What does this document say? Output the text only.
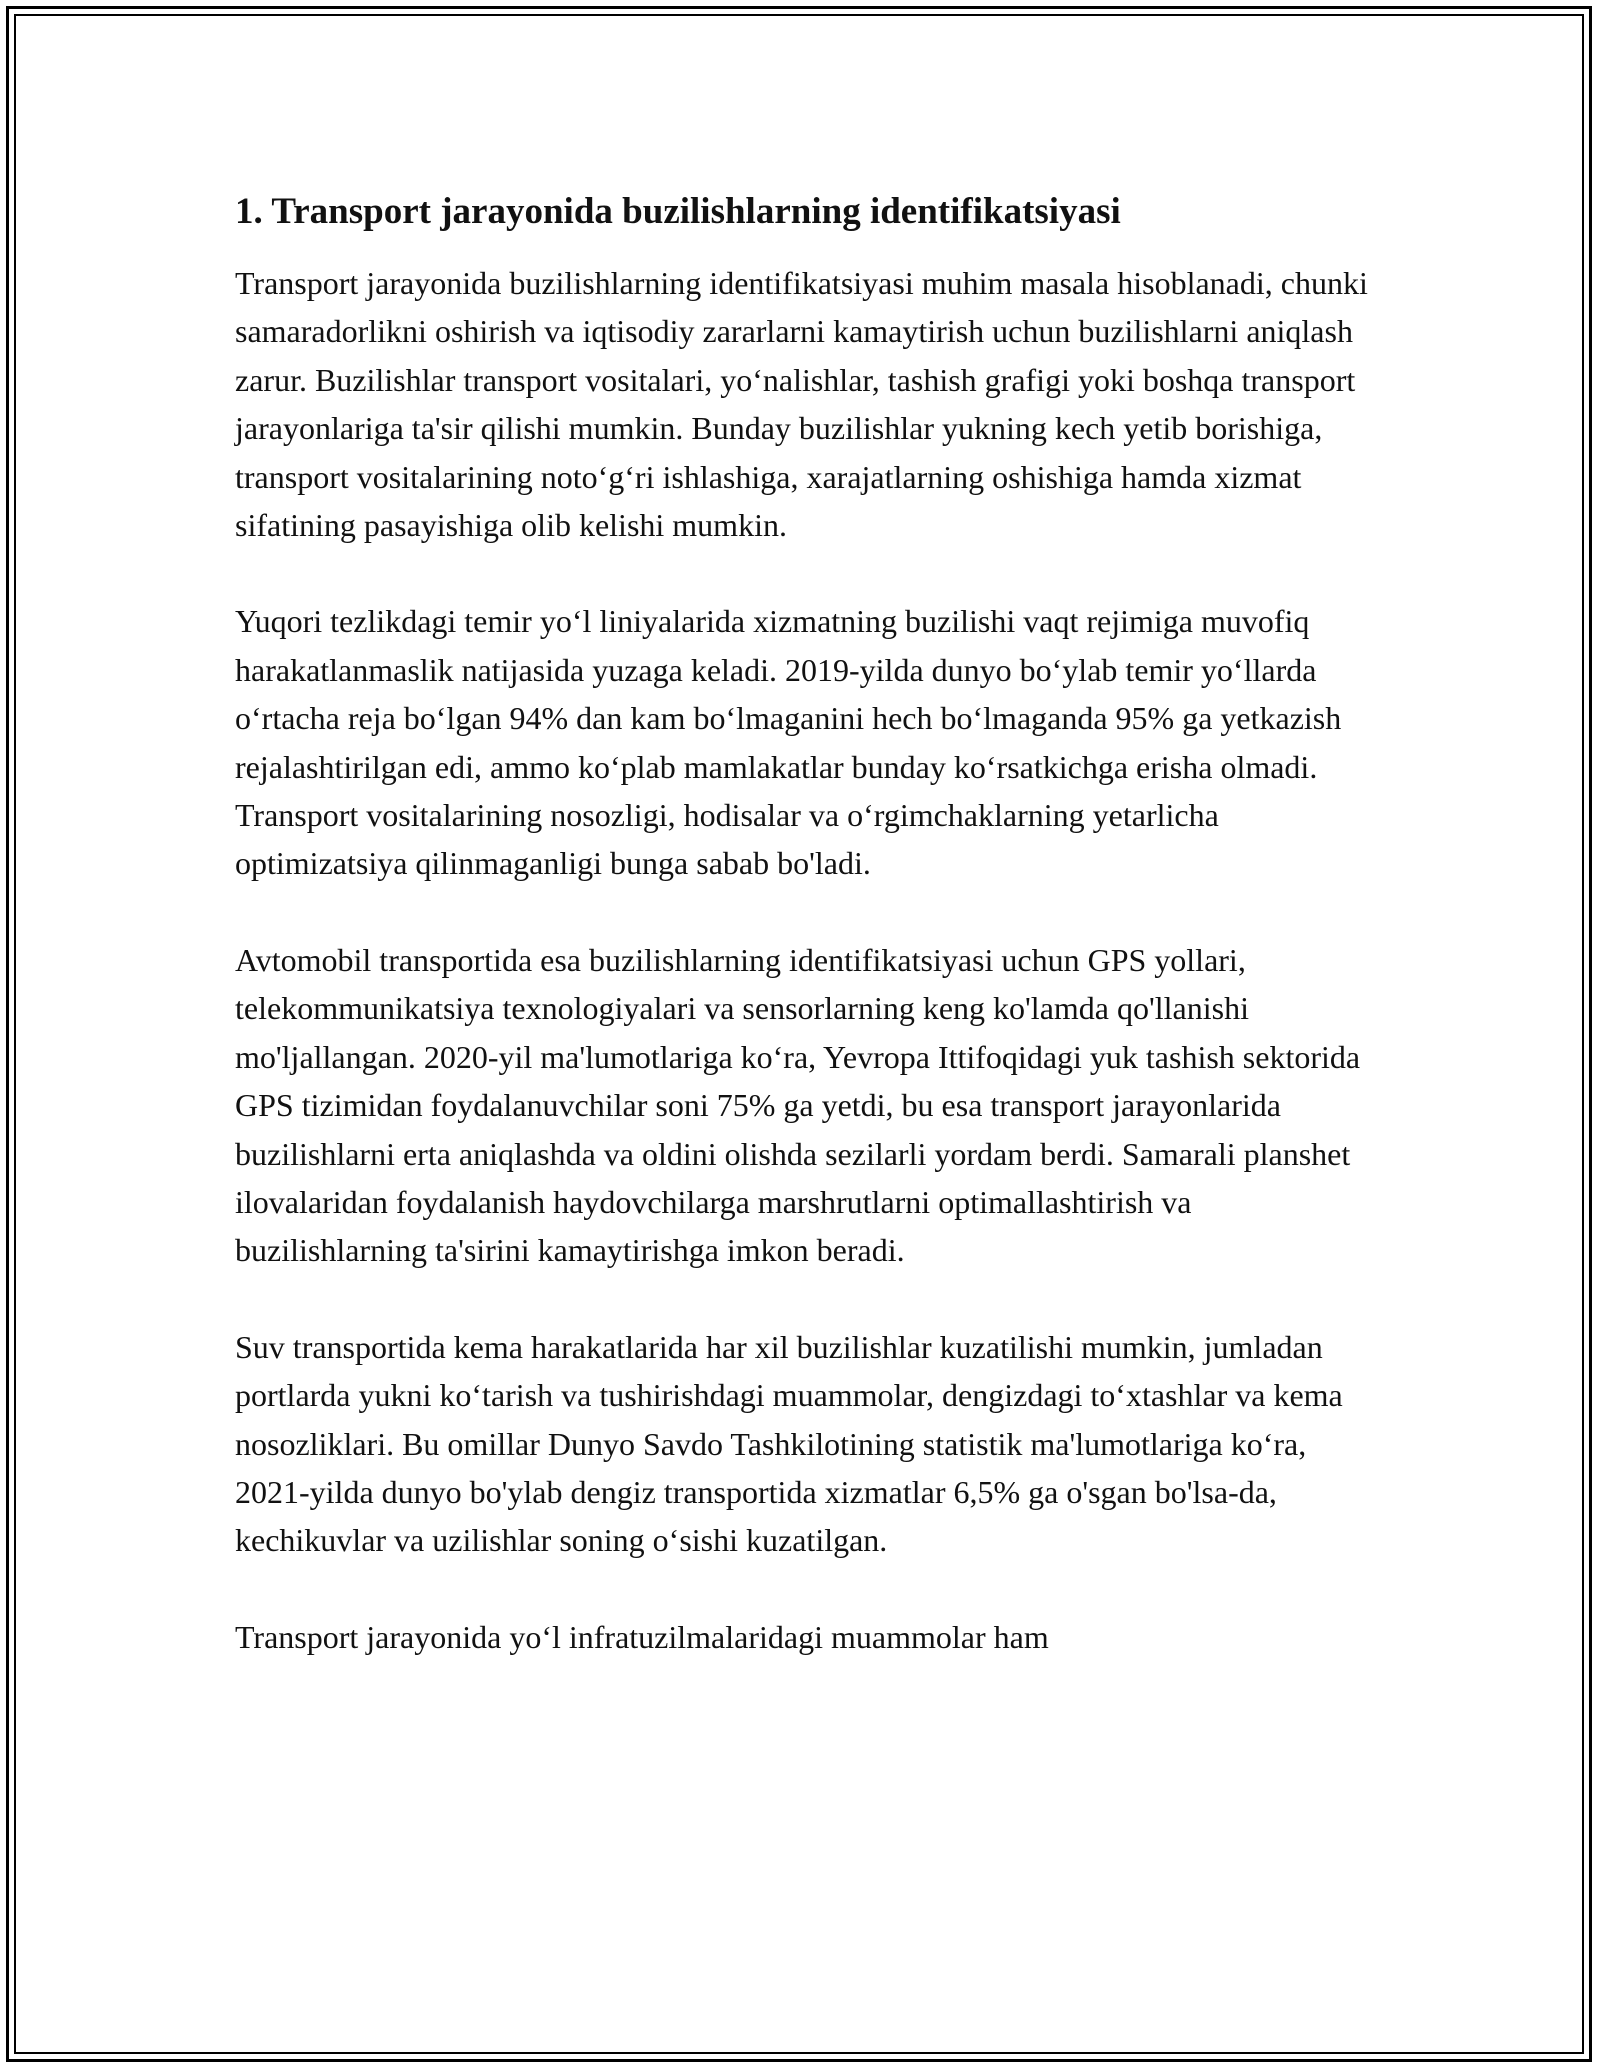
1. Transport jarayonida buzilishlarning identifikatsiyasi

Transport jarayonida buzilishlarning identifikatsiyasi muhim masala hisoblanadi, chunki samaradorlikni oshirish va iqtisodiy zararlarni kamaytirish uchun buzilishlarni aniqlash zarur. Buzilishlar transport vositalari, yoʻnalishlar, tashish grafigi yoki boshqa transport jarayonlariga ta'sir qilishi mumkin. Bunday buzilishlar yukning kech yetib borishiga, transport vositalarining notoʻgʻri ishlashiga, xarajatlarning oshishiga hamda xizmat sifatining pasayishiga olib kelishi mumkin.

Yuqori tezlikdagi temir yoʻl liniyalarida xizmatning buzilishi vaqt rejimiga muvofiq harakatlanmaslik natijasida yuzaga keladi. 2019-yilda dunyo boʻylab temir yoʻllarda oʻrtacha reja boʻlgan 94% dan kam boʻlmaganini hech boʻlmaganda 95% ga yetkazish rejalashtirilgan edi, ammo koʻplab mamlakatlar bunday koʻrsatkichga erisha olmadi. Transport vositalarining nosozligi, hodisalar va oʻrgimchaklarning yetarlicha optimizatsiya qilinmaganligi bunga sabab bo'ladi.

Avtomobil transportida esa buzilishlarning identifikatsiyasi uchun GPS yollari, telekommunikatsiya texnologiyalari va sensorlarning keng ko'lamda qo'llanishi mo'ljallangan. 2020-yil ma'lumotlariga koʻra, Yevropa Ittifoqidagi yuk tashish sektorida GPS tizimidan foydalanuvchilar soni 75% ga yetdi, bu esa transport jarayonlarida buzilishlarni erta aniqlashda va oldini olishda sezilarli yordam berdi. Samarali planshet ilovalaridan foydalanish haydovchilarga marshrutlarni optimallashtirish va buzilishlarning ta'sirini kamaytirishga imkon beradi.

Suv transportida kema harakatlarida har xil buzilishlar kuzatilishi mumkin, jumladan portlarda yukni koʻtarish va tushirishdagi muammolar, dengizdagi toʻxtashlar va kema nosozliklari. Bu omillar Dunyo Savdo Tashkilotining statistik ma'lumotlariga koʻra, 2021-yilda dunyo bo'ylab dengiz transportida xizmatlar 6,5% ga o'sgan bo'lsa-da, kechikuvlar va uzilishlar soning oʻsishi kuzatilgan.

Transport jarayonida yoʻl infratuzilmalaridagi muammolar ham
